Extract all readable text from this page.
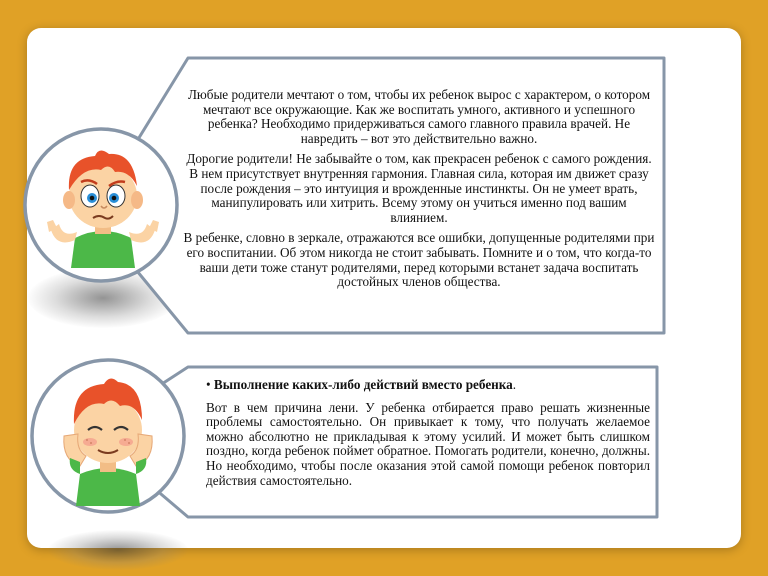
Любые родители мечтают о том, чтобы их ребенок вырос с характером, о котором мечтают все окружающие. Как же воспитать умного, активного и успешного ребенка? Необходимо придерживаться самого главного правила врачей. Не навредить – вот это действительно важно.

Дорогие родители! Не забывайте о том, как прекрасен ребенок с самого рождения. В нем присутствует внутренняя гармония. Главная сила, которая им движет сразу после рождения – это интуиция и врожденные инстинкты. Он не умеет врать, манипулировать или хитрить. Всему этому он учиться именно под вашим влиянием.

В ребенке, словно в зеркале, отражаются все ошибки, допущенные родителями при его воспитании. Об этом никогда не стоит забывать. Помните и о том, что когда-то ваши дети тоже станут родителями, перед которыми встанет задача воспитать достойных членов общества.

• Выполнение каких-либо действий вместо ребенка.

Вот в чем причина лени. У ребенка отбирается право решать жизненные проблемы самостоятельно. Он привыкает к тому, что получать желаемое можно абсолютно не прикладывая к этому усилий. И может быть слишком поздно, когда ребенок поймет обратное. Помогать родители, конечно, должны. Но необходимо, чтобы после оказания этой самой помощи ребенок повторил действия самостоятельно.
